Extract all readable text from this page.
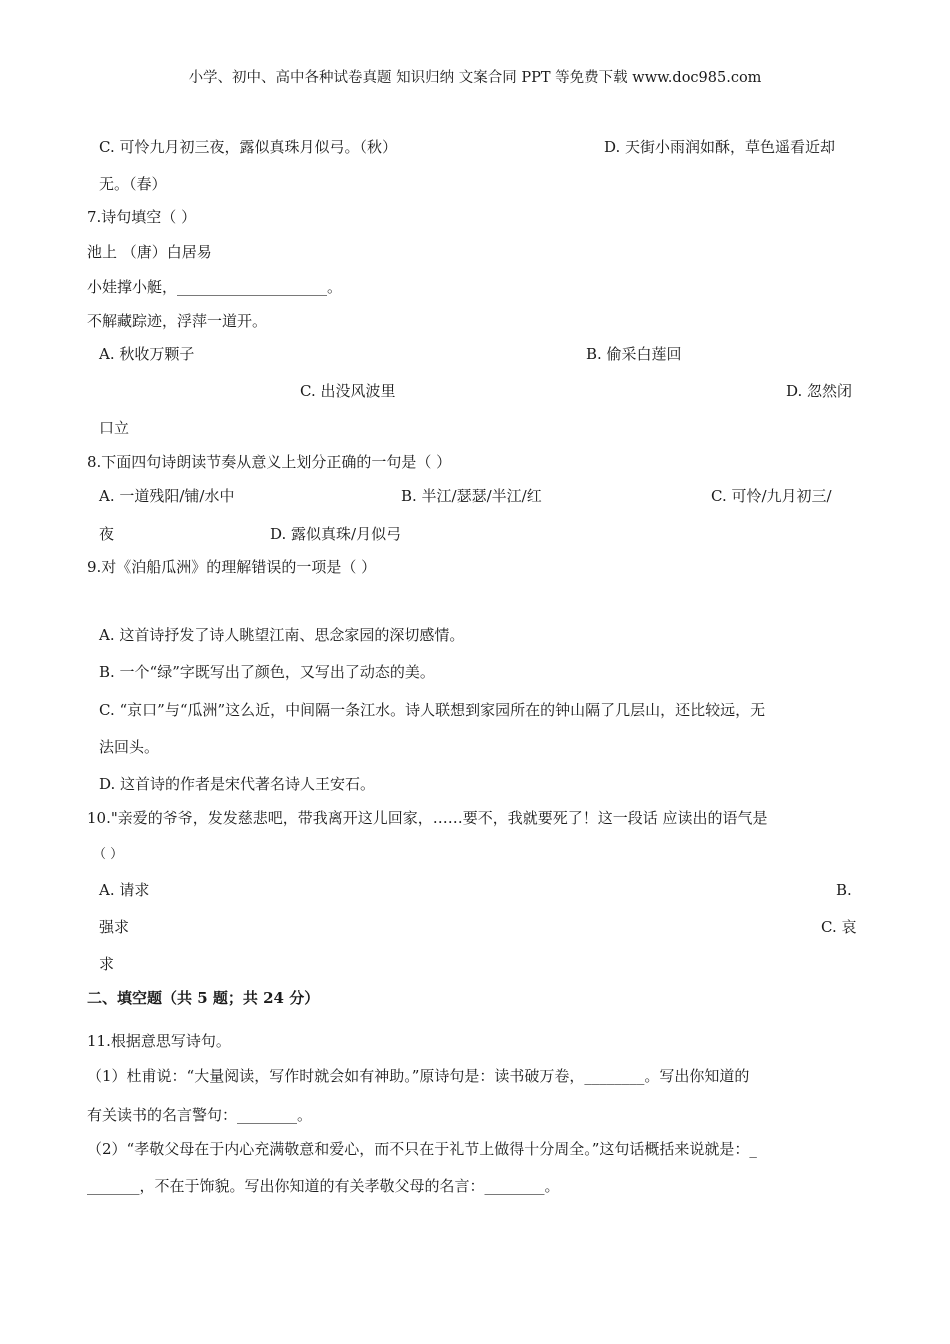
小学、初中、高中各种试卷真题 知识归纳 文案合同 PPT 等免费下载 www.doc985.com
C. 可怜九月初三夜，露似真珠月似弓。（秋）	D. 天街小雨润如酥，草色遥看近却
无。（春）
7.诗句填空（ ）
池上 （唐）白居易
小娃撑小艇，____________________。
不解藏踪迹，浮萍一道开。
A. 秋收万颗子	B. 偷采白莲回
C. 出没风波里	D. 忽然闭
口立
8.下面四句诗朗读节奏从意义上划分正确的一句是（ ）
A. 一道残阳/铺/水中	B. 半江/瑟瑟/半江/红	C. 可怜/九月初三/
夜	D. 露似真珠/月似弓
9.对《泊船瓜洲》的理解错误的一项是（ ）
A. 这首诗抒发了诗人眺望江南、思念家园的深切感情。
B. 一个“绿”字既写出了颜色，又写出了动态的美。
C. “京口”与“瓜洲”这么近，中间隔一条江水。诗人联想到家园所在的钟山隔了几层山，还比较远，无
法回头。
D. 这首诗的作者是宋代著名诗人王安石。
10."亲爱的爷爷，发发慈悲吧，带我离开这儿回家，……要不，我就要死了！这一段话 应读出的语气是
（ ）
A. 请求	B.
强求	C. 哀
求
二、填空题（共 5 题；共 24 分）
11.根据意思写诗句。
（1）杜甫说：“大量阅读，写作时就会如有神助。”原诗句是：读书破万卷，________。写出你知道的
有关读书的名言警句：________。
（2）“孝敬父母在于内心充满敬意和爱心，而不只在于礼节上做得十分周全。”这句话概括来说就是：_
_______，不在于饰貌。写出你知道的有关孝敬父母的名言：________。
